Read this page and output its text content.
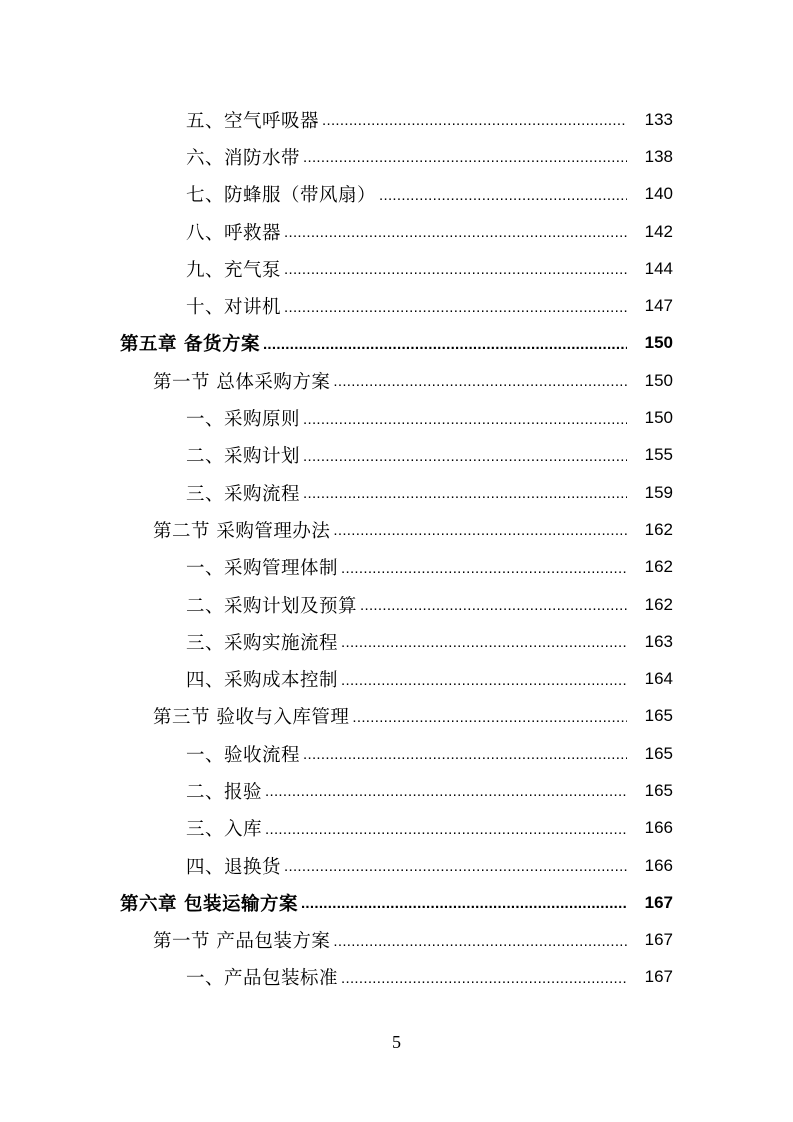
五、空气呼吸器 .....	133
六、消防水带 .....	138
七、防蜂服（带风扇） .....	140
八、呼救器 .....	142
九、充气泵 .....	144
十、对讲机 .....	147
第五章 备货方案 .....	150
第一节 总体采购方案 .....	150
一、采购原则 .....	150
二、采购计划 .....	155
三、采购流程 .....	159
第二节 采购管理办法 .....	162
一、采购管理体制 .....	162
二、采购计划及预算 .....	162
三、采购实施流程 .....	163
四、采购成本控制 .....	164
第三节 验收与入库管理 .....	165
一、验收流程 .....	165
二、报验 .....	165
三、入库 .....	166
四、退换货 .....	166
第六章 包装运输方案 .....	167
第一节 产品包装方案 .....	167
一、产品包装标准 .....	167
5
